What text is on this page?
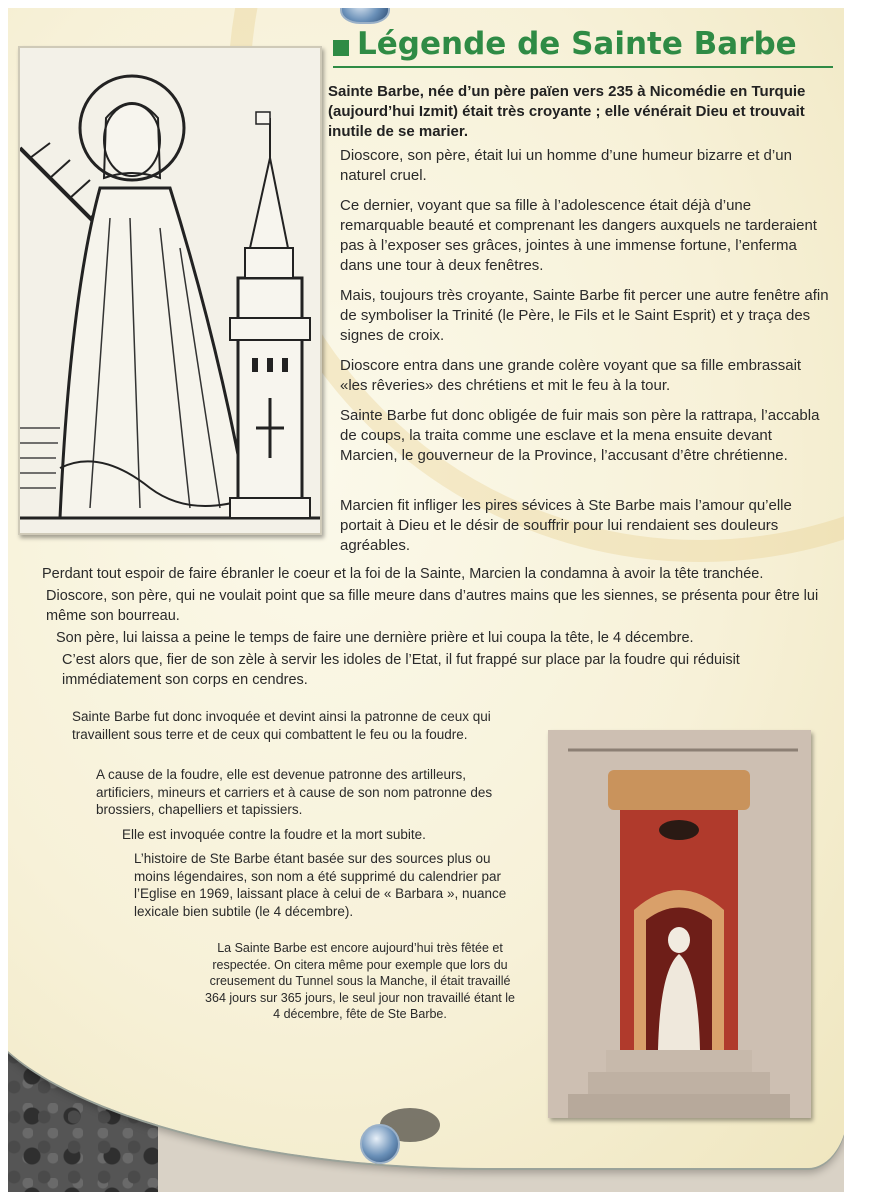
Légende de Sainte Barbe

Sainte Barbe, née d’un père païen vers 235 à Nicomédie en Turquie (aujourd’hui Izmit) était très croyante ; elle vénérait Dieu et trouvait inutile de se marier.

Dioscore, son père, était lui un homme d’une humeur bizarre et d’un naturel cruel.

Ce dernier, voyant que sa fille à l’adolescence était déjà d’une remarquable beauté et comprenant les dangers auxquels ne tarderaient pas à l’exposer ses grâces, jointes à une immense fortune, l’enferma dans une tour à deux fenêtres.

Mais, toujours très croyante, Sainte Barbe fit percer une autre fenêtre afin de symboliser la Trinité (le Père, le Fils et le Saint Esprit) et y traça des signes de croix.

Dioscore entra dans une grande colère voyant que sa fille embrassait «les rêveries» des chrétiens et mit le feu à la tour.

Sainte Barbe fut donc obligée de fuir mais son père la rattrapa, l’accabla de coups, la traita comme une esclave et la mena ensuite devant Marcien, le gouverneur de la Province, l’accusant d’être chrétienne.

Marcien fit infliger les pires sévices à Ste Barbe mais l’amour qu’elle portait à Dieu et le désir de souffrir pour lui rendaient ses douleurs agréables.

Perdant tout espoir de faire ébranler le coeur et la foi de la Sainte, Marcien la condamna à avoir la tête tranchée.

Dioscore, son père, qui ne voulait point que sa fille meure dans d’autres mains que les siennes, se présenta pour être lui même son bourreau.

Son père, lui laissa a peine le temps de faire une dernière prière et lui coupa la tête, le 4 décembre.

C’est alors que, fier de son zèle à servir les idoles de l’Etat, il fut frappé sur place par la foudre qui réduisit immédiatement son corps en cendres.

Sainte Barbe fut donc invoquée et devint ainsi la patronne de ceux qui travaillent sous terre et de ceux qui combattent le feu ou la foudre.

A cause de la foudre, elle est devenue patronne des artilleurs, artificiers, mineurs et carriers et à cause de son nom patronne des brossiers, chapelliers et tapissiers.

Elle est invoquée contre la foudre et la mort subite.

L’histoire de Ste Barbe étant basée sur des sources plus ou moins légendaires, son nom a été supprimé du calendrier par l’Eglise en 1969, laissant place à celui de « Barbara », nuance lexicale bien subtile (le 4 décembre).

La Sainte Barbe est encore aujourd’hui très fêtée et respectée. On citera même pour exemple que lors du creusement du Tunnel sous la Manche, il était travaillé 364 jours sur 365 jours, le seul jour non travaillé étant le 4 décembre, fête de Ste Barbe.
